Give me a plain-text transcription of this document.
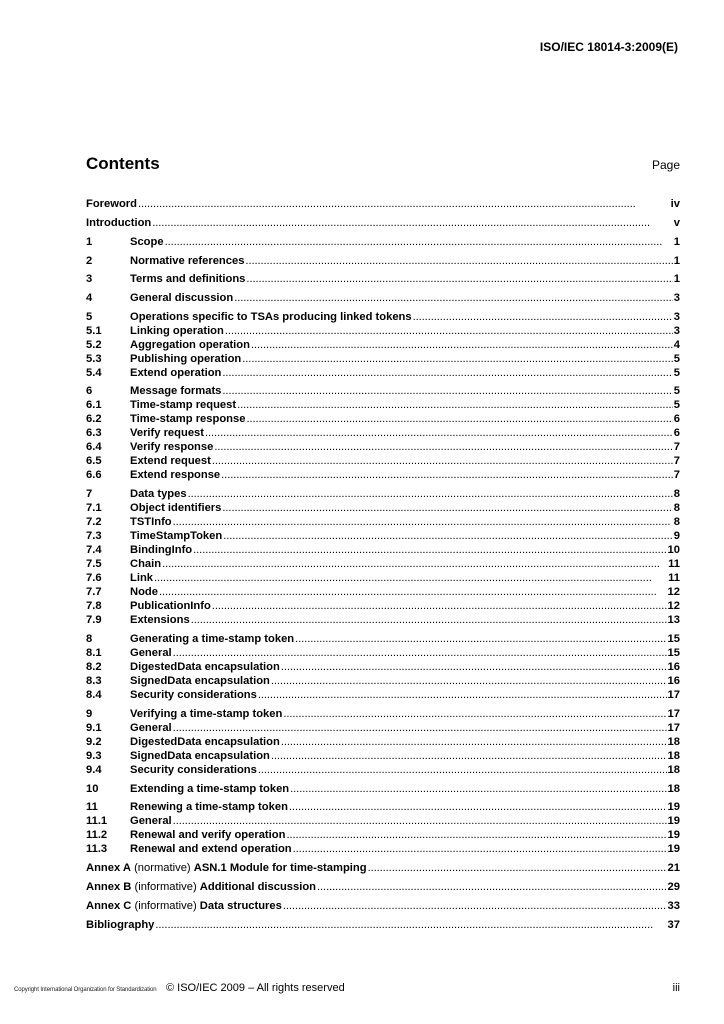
ISO/IEC 18014-3:2009(E)
Contents	Page
Foreword . . .	iv
Introduction . . .	v
1	Scope . . .	1
2	Normative references . . .	1
3	Terms and definitions . . .	1
4	General discussion . . .	3
5	Operations specific to TSAs producing linked tokens . . .	3
5.1	Linking operation . . .	3
5.2	Aggregation operation . . .	4
5.3	Publishing operation . . .	5
5.4	Extend operation . . .	5
6	Message formats . . .	5
6.1	Time-stamp request . . .	5
6.2	Time-stamp response . . .	6
6.3	Verify request . . .	6
6.4	Verify response . . .	7
6.5	Extend request . . .	7
6.6	Extend response . . .	7
7	Data types . . .	8
7.1	Object identifiers . . .	8
7.2	TSTInfo . . .	8
7.3	TimeStampToken . . .	9
7.4	BindingInfo . . .	10
7.5	Chain . . .	11
7.6	Link . . .	11
7.7	Node . . .	12
7.8	PublicationInfo . . .	12
7.9	Extensions . . .	13
8	Generating a time-stamp token . . .	15
8.1	General . . .	15
8.2	DigestedData encapsulation . . .	16
8.3	SignedData encapsulation . . .	16
8.4	Security considerations . . .	17
9	Verifying a time-stamp token . . .	17
9.1	General . . .	17
9.2	DigestedData encapsulation . . .	18
9.3	SignedData encapsulation . . .	18
9.4	Security considerations . . .	18
10	Extending a time-stamp token . . .	18
11	Renewing a time-stamp token . . .	19
11.1	General . . .	19
11.2	Renewal and verify operation . . .	19
11.3	Renewal and extend operation . . .	19
Annex A (normative) ASN.1 Module for time-stamping . . .	21
Annex B (informative) Additional discussion . . .	29
Annex C (informative) Data structures . . .	33
Bibliography . . .	37
© ISO/IEC 2009 – All rights reserved
Copyright International Organization for Standardization	iii
